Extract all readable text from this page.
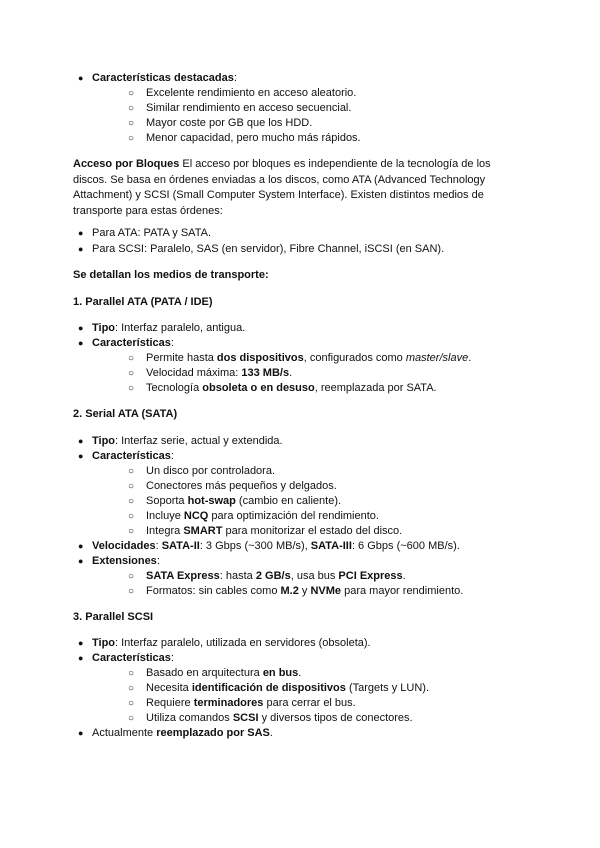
● Características destacadas:
○ Excelente rendimiento en acceso aleatorio.
○ Similar rendimiento en acceso secuencial.
○ Mayor coste por GB que los HDD.
○ Menor capacidad, pero mucho más rápidos.
Acceso por Bloques El acceso por bloques es independiente de la tecnología de los discos. Se basa en órdenes enviadas a los discos, como ATA (Advanced Technology Attachment) y SCSI (Small Computer System Interface). Existen distintos medios de transporte para estas órdenes:
● Para ATA: PATA y SATA.
● Para SCSI: Paralelo, SAS (en servidor), Fibre Channel, iSCSI (en SAN).
Se detallan los medios de transporte:
1. Parallel ATA (PATA / IDE)
● Tipo: Interfaz paralelo, antigua.
● Características:
○ Permite hasta dos dispositivos, configurados como master/slave.
○ Velocidad máxima: 133 MB/s.
○ Tecnología obsoleta o en desuso, reemplazada por SATA.
2. Serial ATA (SATA)
● Tipo: Interfaz serie, actual y extendida.
● Características:
○ Un disco por controladora.
○ Conectores más pequeños y delgados.
○ Soporta hot-swap (cambio en caliente).
○ Incluye NCQ para optimización del rendimiento.
○ Integra SMART para monitorizar el estado del disco.
● Velocidades: SATA-II: 3 Gbps (~300 MB/s), SATA-III: 6 Gbps (~600 MB/s).
● Extensiones:
○ SATA Express: hasta 2 GB/s, usa bus PCI Express.
○ Formatos: sin cables como M.2 y NVMe para mayor rendimiento.
3. Parallel SCSI
● Tipo: Interfaz paralelo, utilizada en servidores (obsoleta).
● Características:
○ Basado en arquitectura en bus.
○ Necesita identificación de dispositivos (Targets y LUN).
○ Requiere terminadores para cerrar el bus.
○ Utiliza comandos SCSI y diversos tipos de conectores.
● Actualmente reemplazado por SAS.
